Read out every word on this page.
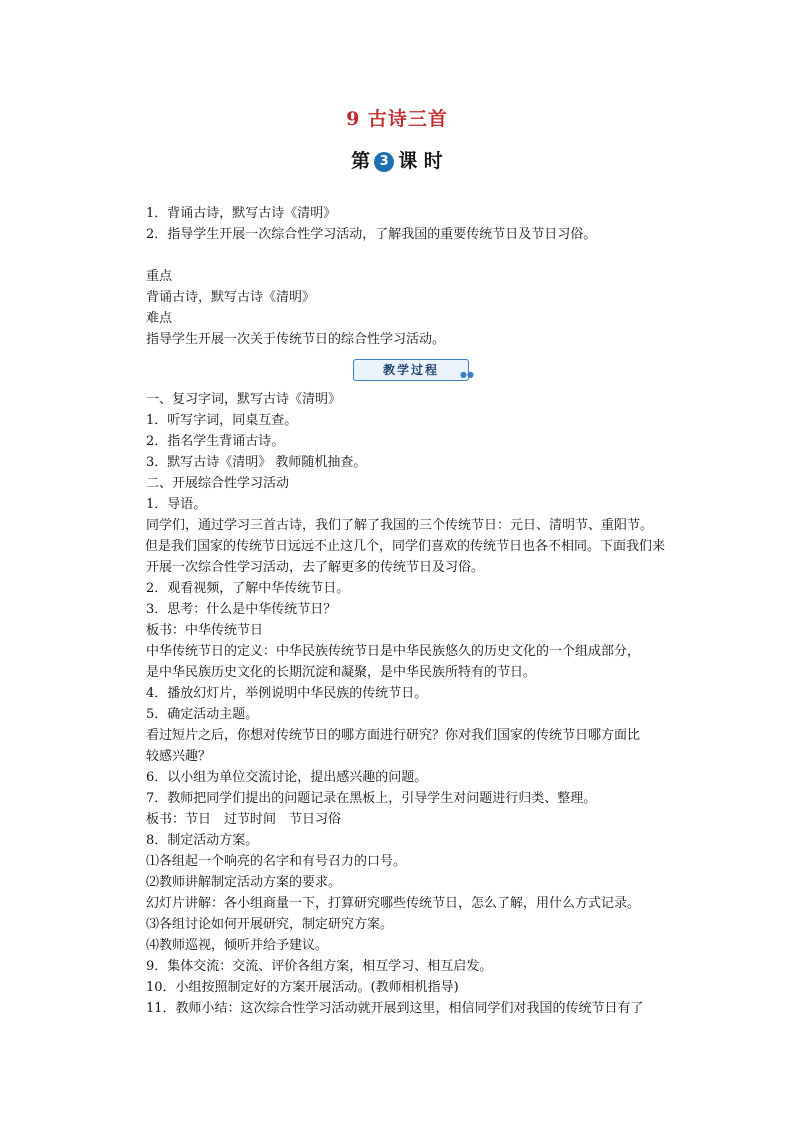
9 古诗三首
第 3 课 时

1．背诵古诗，默写古诗《清明》

2．指导学生开展一次综合性学习活动，了解我国的重要传统节日及节日习俗。

重点

背诵古诗，默写古诗《清明》

难点

指导学生开展一次关于传统节日的综合性学习活动。

教学过程	●●

一、复习字词，默写古诗《清明》

1．听写字词，同桌互查。

2．指名学生背诵古诗。

3．默写古诗《清明》 教师随机抽查。

二、开展综合性学习活动

1．导语。

同学们，通过学习三首古诗，我们了解了我国的三个传统节日：元日、清明节、重阳节。

但是我们国家的传统节日远远不止这几个，同学们喜欢的传统节日也各不相同。下面我们来

开展一次综合性学习活动，去了解更多的传统节日及习俗。

2．观看视频，了解中华传统节日。

3．思考：什么是中华传统节日？

板书：中华传统节日

中华传统节日的定义：中华民族传统节日是中华民族悠久的历史文化的一个组成部分，

是中华民族历史文化的长期沉淀和凝聚，是中华民族所特有的节日。

4．播放幻灯片，举例说明中华民族的传统节日。

5．确定活动主题。

看过短片之后，你想对传统节日的哪方面进行研究？你对我们国家的传统节日哪方面比

较感兴趣？

6．以小组为单位交流讨论，提出感兴趣的问题。

7．教师把同学们提出的问题记录在黑板上，引导学生对问题进行归类、整理。

板书：节日　过节时间　节日习俗

8．制定活动方案。

⑴各组起一个响亮的名字和有号召力的口号。

⑵教师讲解制定活动方案的要求。

幻灯片讲解：各小组商量一下，打算研究哪些传统节日，怎么了解，用什么方式记录。

⑶各组讨论如何开展研究，制定研究方案。

⑷教师巡视，倾听并给予建议。

9．集体交流：交流、评价各组方案，相互学习、相互启发。

10．小组按照制定好的方案开展活动。(教师相机指导)

11．教师小结：这次综合性学习活动就开展到这里，相信同学们对我国的传统节日有了
